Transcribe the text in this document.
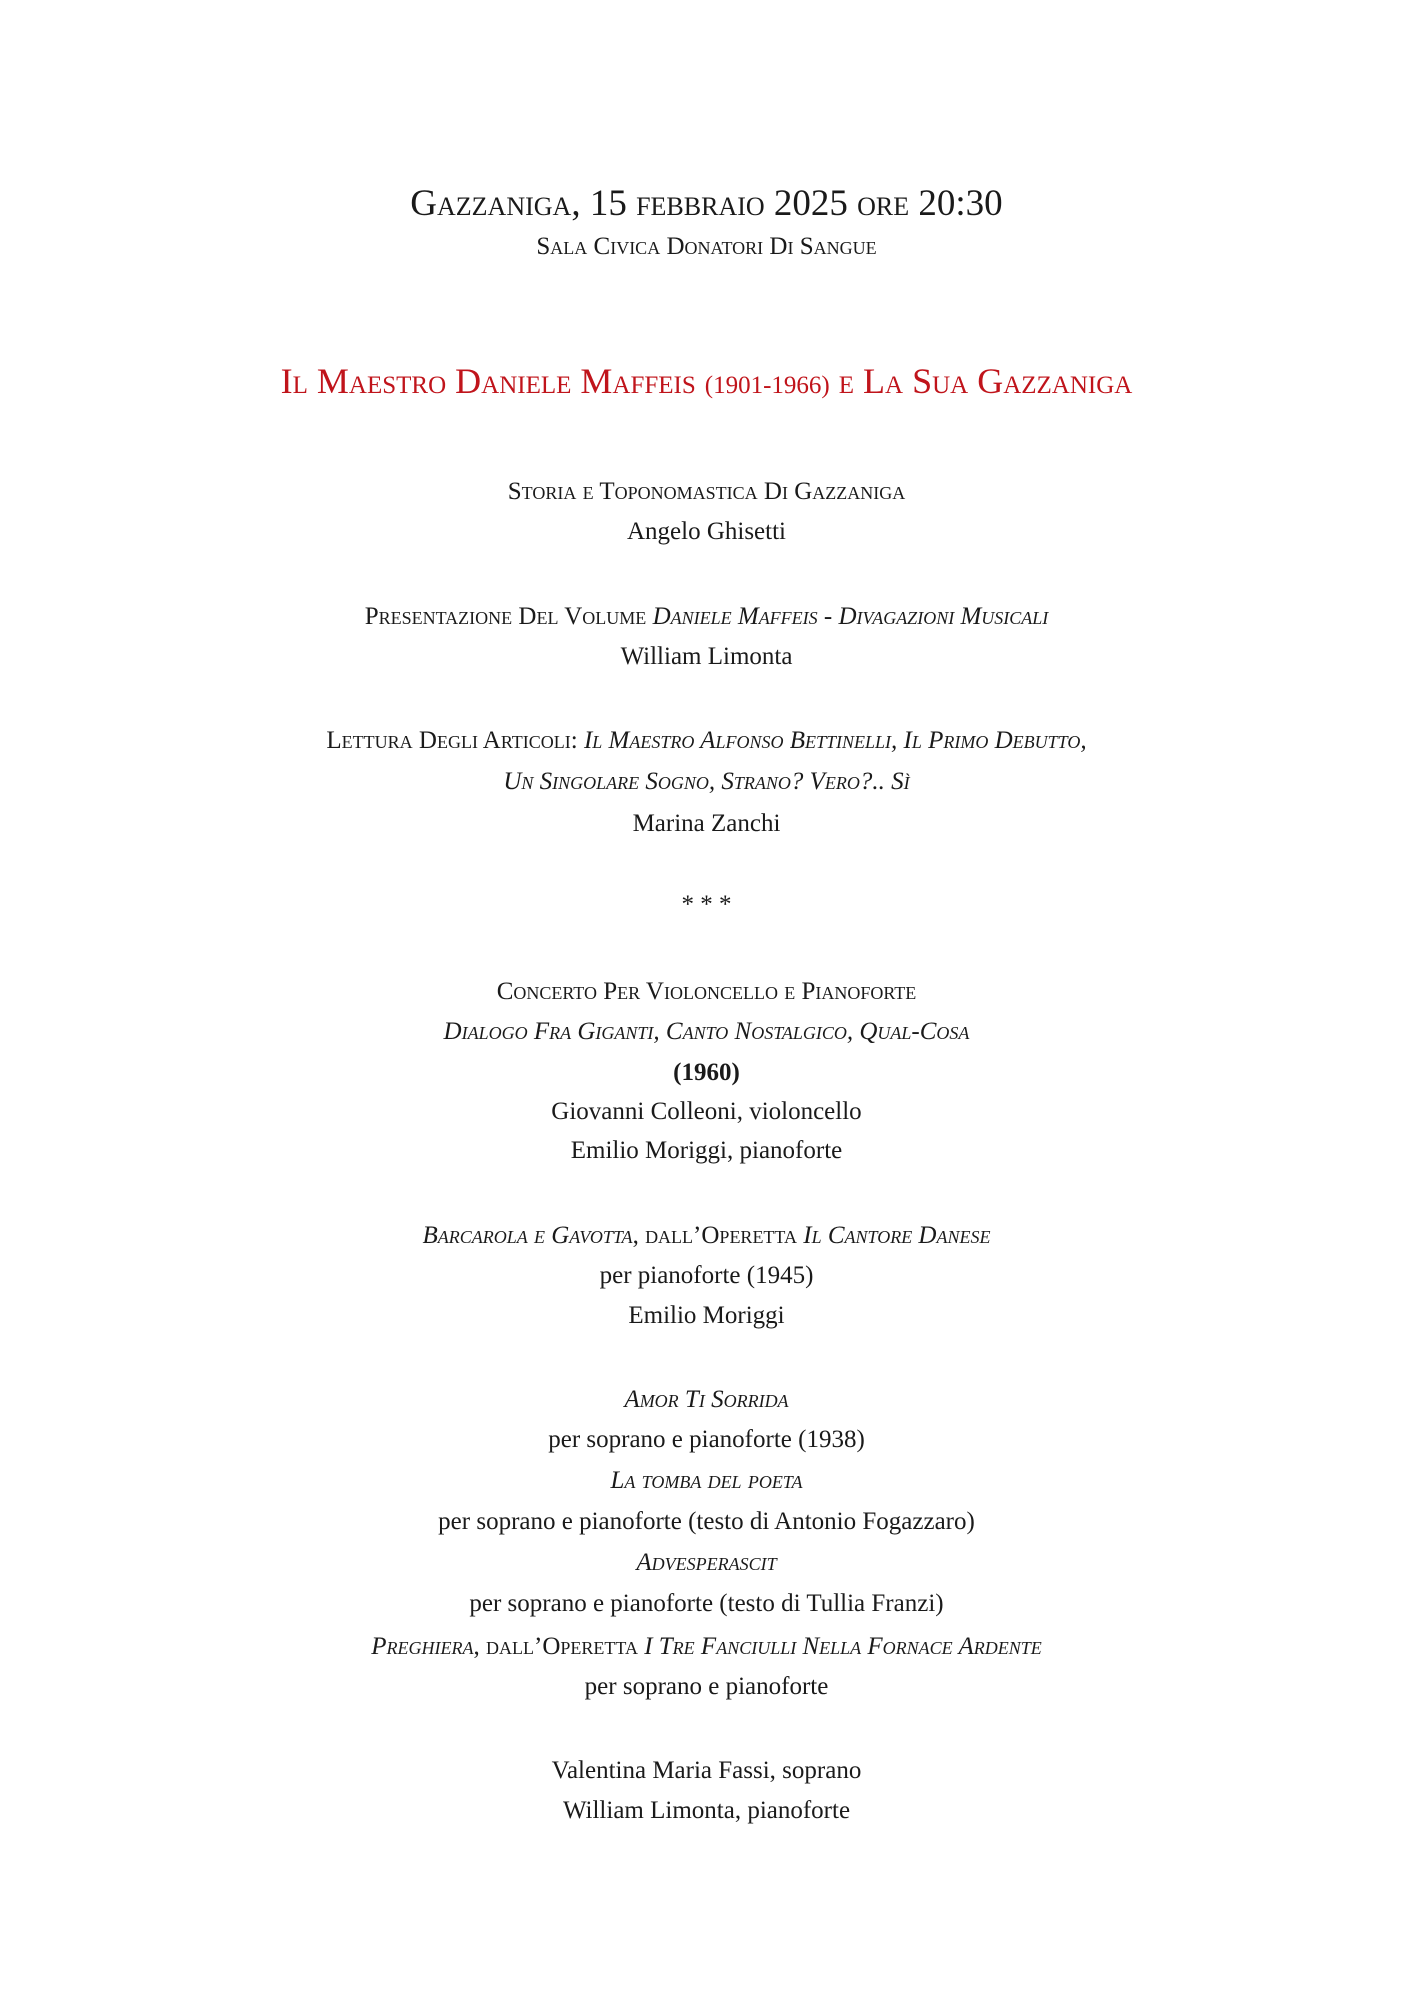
Gazzaniga, 15 febbraio 2025 ore 20:30
Sala Civica Donatori Di Sangue
Il Maestro Daniele Maffeis (1901-1966) e La Sua Gazzaniga
Storia e Toponomastica Di Gazzaniga
Angelo Ghisetti
Presentazione Del Volume Daniele Maffeis - Divagazioni Musicali
William Limonta
Lettura Degli Articoli: Il Maestro Alfonso Bettinelli, Il Primo Debutto,
Un Singolare Sogno, Strano? Vero?.. Sì
Marina Zanchi
* * *
Concerto Per Violoncello e Pianoforte
Dialogo Fra Giganti, Canto Nostalgico, Qual-Cosa
(1960)
Giovanni Colleoni, violoncello
Emilio Moriggi, pianoforte
Barcarola e Gavotta, dall’Operetta Il Cantore Danese
per pianoforte (1945)
Emilio Moriggi
Amor Ti Sorrida
per soprano e pianoforte (1938)
La tomba del poeta
per soprano e pianoforte (testo di Antonio Fogazzaro)
Advesperascit
per soprano e pianoforte (testo di Tullia Franzi)
Preghiera, dall’Operetta I Tre Fanciulli Nella Fornace Ardente
per soprano e pianoforte
Valentina Maria Fassi, soprano
William Limonta, pianoforte
